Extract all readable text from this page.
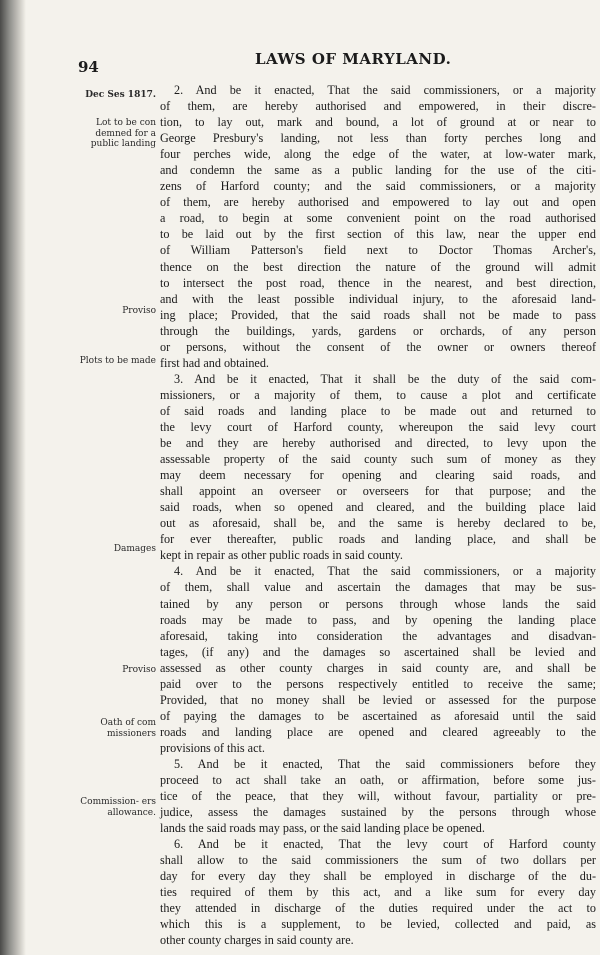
94	LAWS OF MARYLAND.
Dec Ses 1817.
Lot to be con demned for a public landing
Proviso
Plots to be made
Damages
Proviso
Oath of com missioners
Commission- ers allowance.
2. And be it enacted, That the said commissioners, or a majority
of them, are hereby authorised and empowered, in their discre-
tion, to lay out, mark and bound, a lot of ground at or near to
George Presbury's landing, not less than forty perches long and
four perches wide, along the edge of the water, at low-water mark,
and condemn the same as a public landing for the use of the citi-
zens of Harford county; and the said commissioners, or a majority
of them, are hereby authorised and empowered to lay out and open
a road, to begin at some convenient point on the road authorised
to be laid out by the first section of this law, near the upper end
of William Patterson's field next to Doctor Thomas Archer's,
thence on the best direction the nature of the ground will admit
to intersect the post road, thence in the nearest, and best direction,
and with the least possible individual injury, to the aforesaid land-
ing place; Provided, that the said roads shall not be made to pass
through the buildings, yards, gardens or orchards, of any person
or persons, without the consent of the owner or owners thereof
first had and obtained.
3. And be it enacted, That it shall be the duty of the said com-
missioners, or a majority of them, to cause a plot and certificate
of said roads and landing place to be made out and returned to
the levy court of Harford county, whereupon the said levy court
be and they are hereby authorised and directed, to levy upon the
assessable property of the said county such sum of money as they
may deem necessary for opening and clearing said roads, and
shall appoint an overseer or overseers for that purpose; and the
said roads, when so opened and cleared, and the building place laid
out as aforesaid, shall be, and the same is hereby declared to be,
for ever thereafter, public roads and landing place, and shall be
kept in repair as other public roads in said county.
4. And be it enacted, That the said commissioners, or a majority
of them, shall value and ascertain the damages that may be sus-
tained by any person or persons through whose lands the said
roads may be made to pass, and by opening the landing place
aforesaid, taking into consideration the advantages and disadvan-
tages, (if any) and the damages so ascertained shall be levied and
assessed as other county charges in said county are, and shall be
paid over to the persons respectively entitled to receive the same;
Provided, that no money shall be levied or assessed for the purpose
of paying the damages to be ascertained as aforesaid until the said
roads and landing place are opened and cleared agreeably to the
provisions of this act.
5. And be it enacted, That the said commissioners before they
proceed to act shall take an oath, or affirmation, before some jus-
tice of the peace, that they will, without favour, partiality or pre-
judice, assess the damages sustained by the persons through whose
lands the said roads may pass, or the said landing place be opened.
6. And be it enacted, That the levy court of Harford county
shall allow to the said commissioners the sum of two dollars per
day for every day they shall be employed in discharge of the du-
ties required of them by this act, and a like sum for every day
they attended in discharge of the duties required under the act to
which this is a supplement, to be levied, collected and paid, as
other county charges in said county are.
